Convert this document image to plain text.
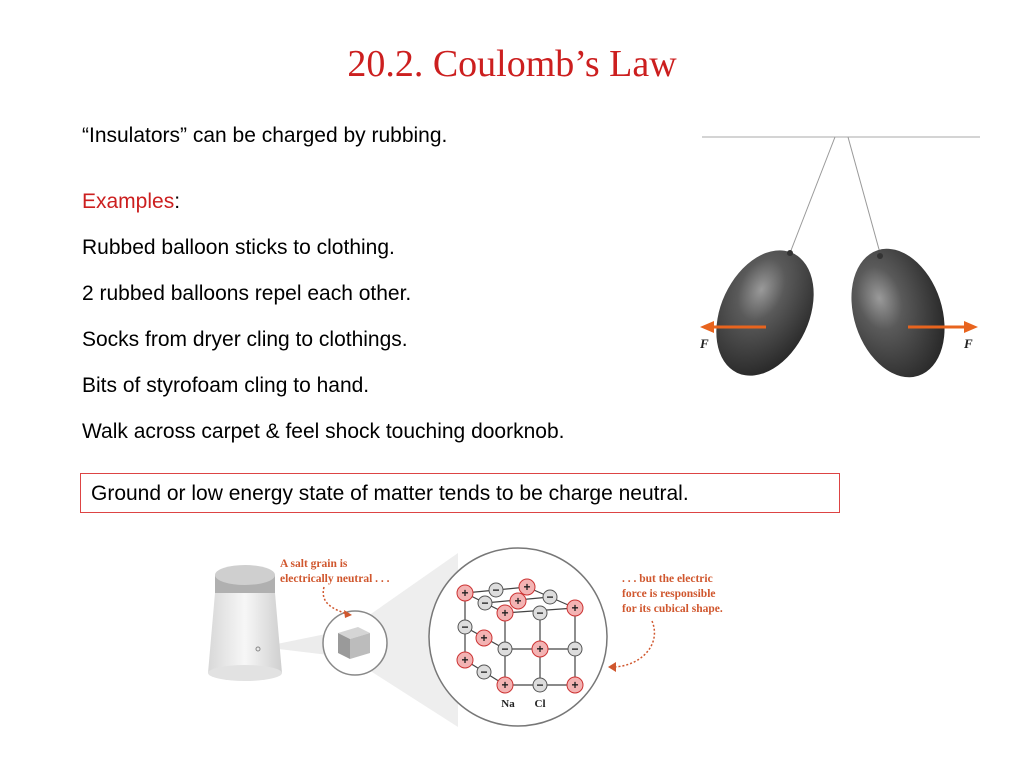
20.2. Coulomb’s Law
“Insulators” can be charged by rubbing.
Examples:
Rubbed balloon sticks to clothing.
2 rubbed balloons repel each other.
Socks from dryer cling to clothings.
Bits of styrofoam cling to hand.
Walk across carpet & feel shock touching doorknob.
Ground or low energy state of matter tends to be charge neutral.
F	F
+ − +
− + −
+ − +
−
+
− + −
+
−
+ − +
Na Cl
A salt grain is
electrically neutral . . .	. . . but the electric
force is responsible
for its cubical shape.
